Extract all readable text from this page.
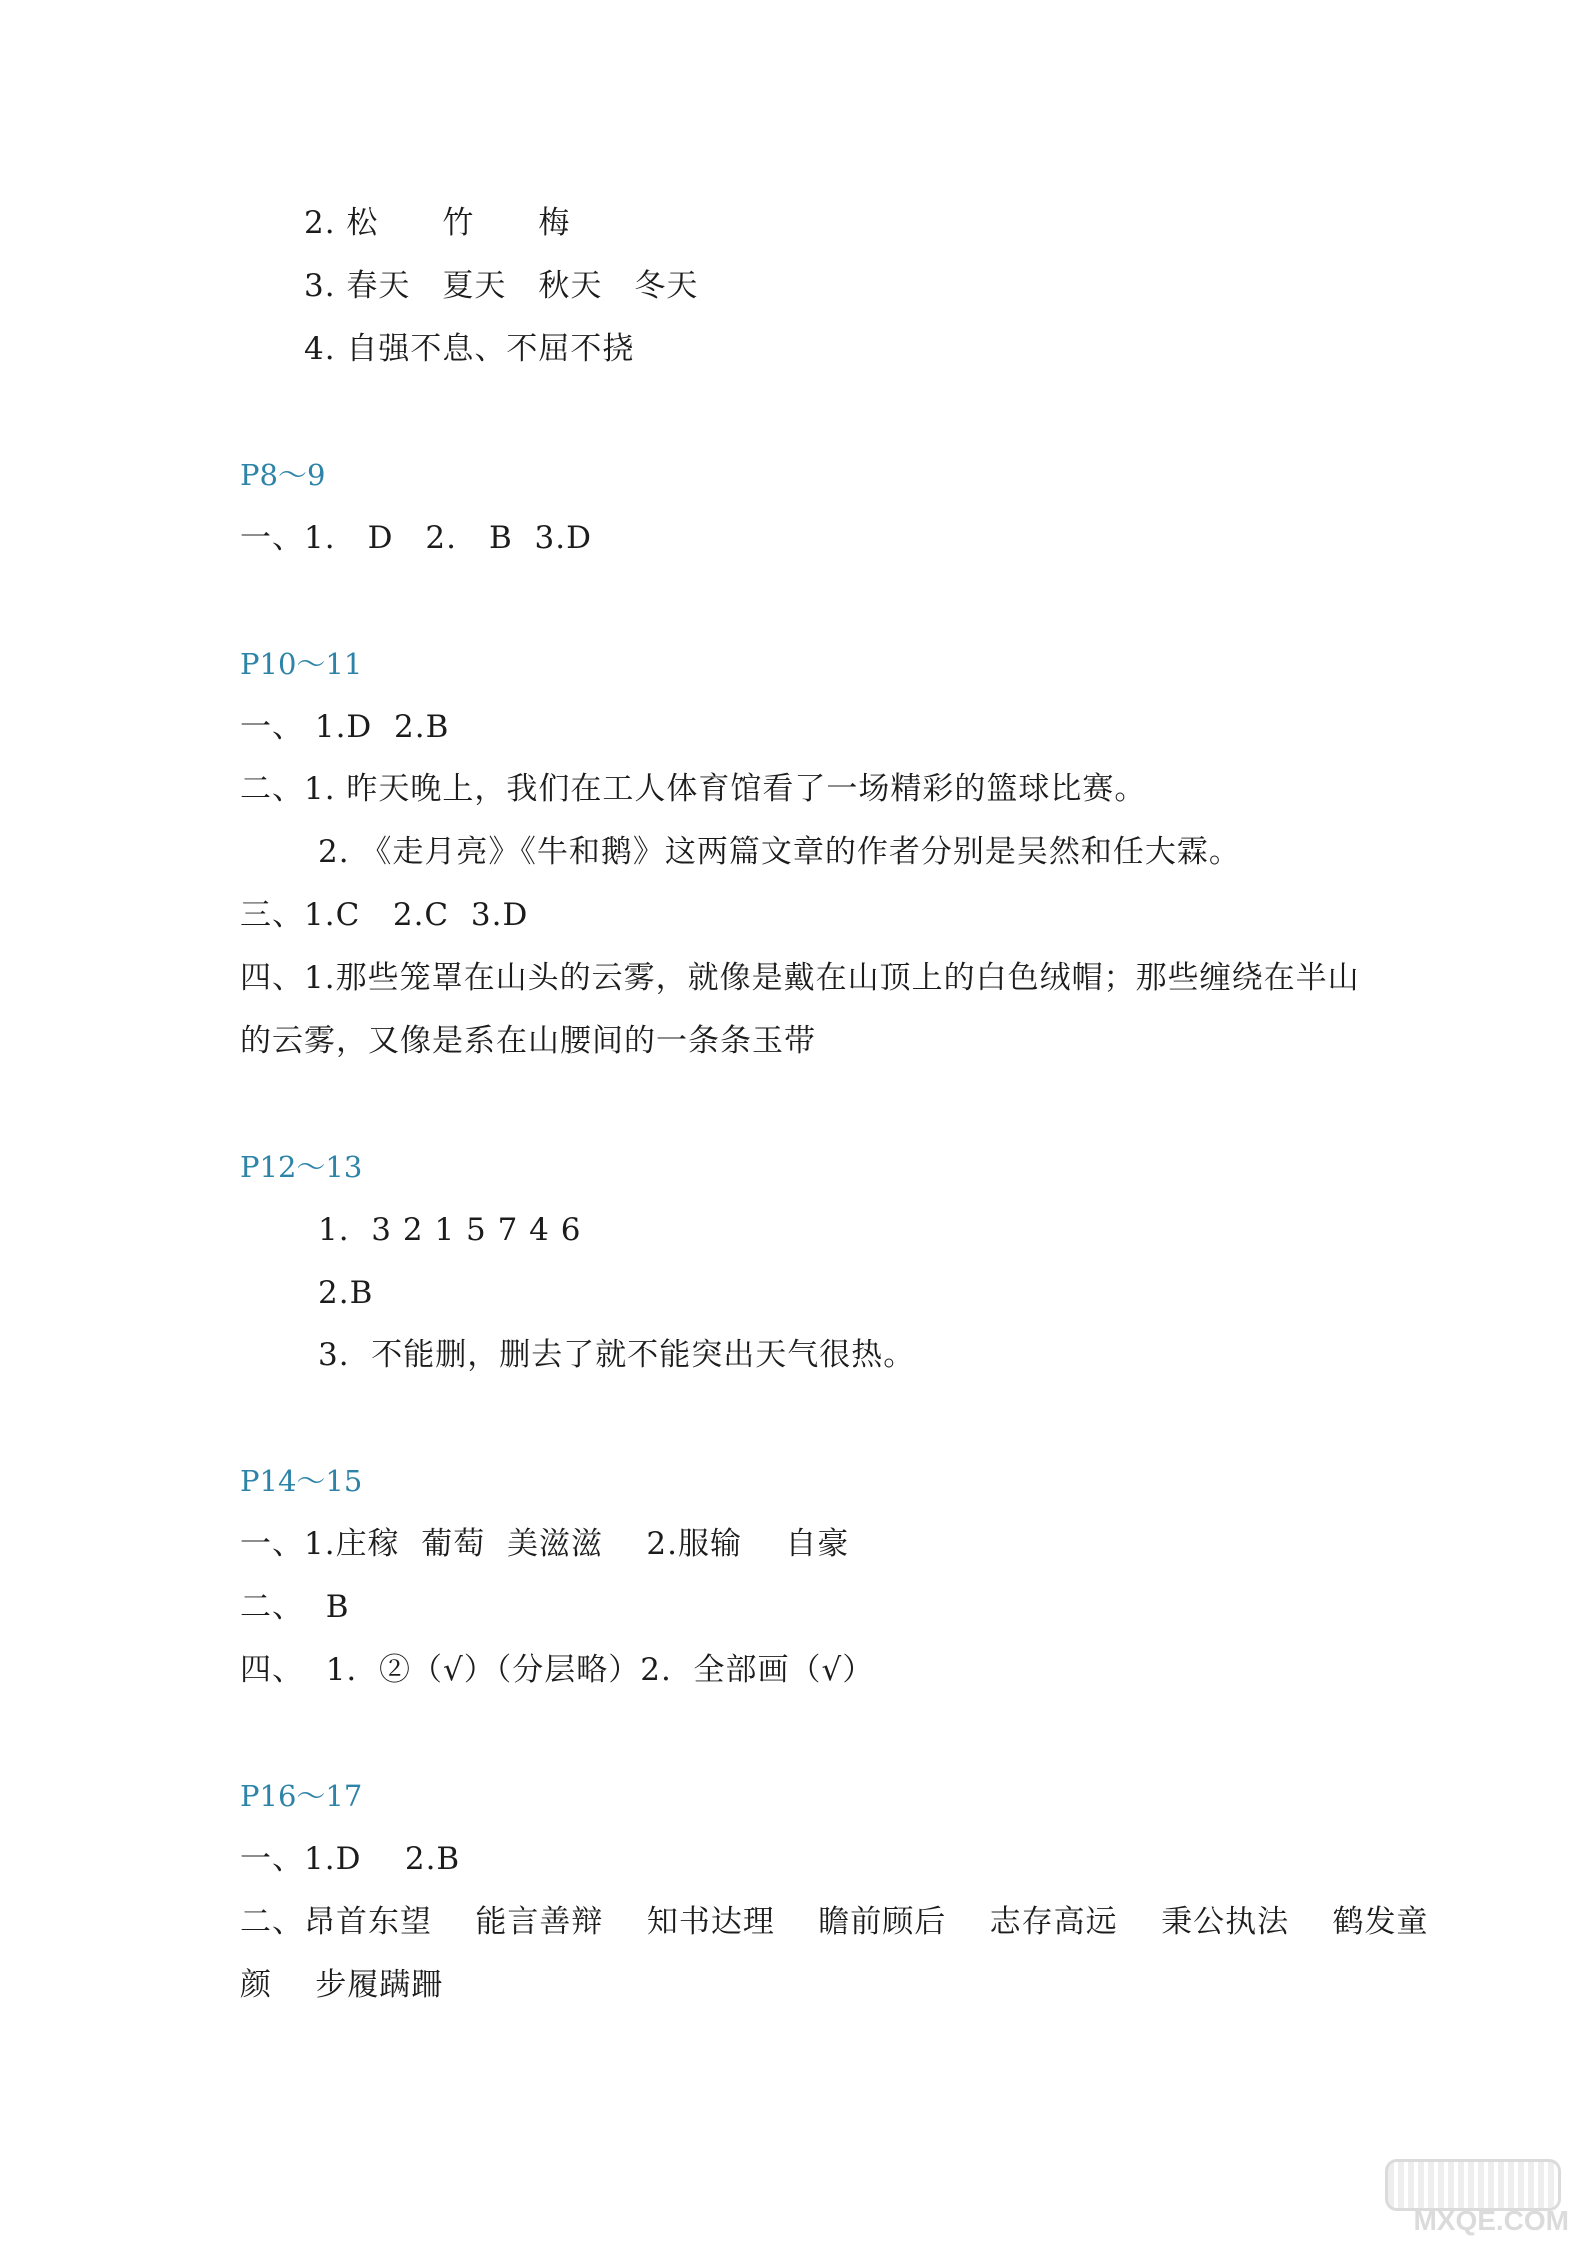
2. 松　　竹　　梅
3. 春天　夏天　秋天　冬天
4. 自强不息、不屈不挠
P8～9
一、1.　D　2.　B  3.D
P10～11
一、 1.D  2.B
二、1. 昨天晚上，我们在工人体育馆看了一场精彩的篮球比赛。
2. 《走月亮》《牛和鹅》这两篇文章的作者分别是吴然和任大霖。
三、1.C   2.C  3.D
四、1.那些笼罩在山头的云雾，就像是戴在山顶上的白色绒帽；那些缠绕在半山
的云雾，又像是系在山腰间的一条条玉带
P12～13
1.  3 2 1 5 7 4 6
2.B
3.  不能删，删去了就不能突出天气很热。
P14～15
一、1.庄稼  葡萄  美滋滋    2.服输    自豪
二、  B
四、  1.  ②（√）（分层略）2.  全部画（√）
P16～17
一、1.D    2.B
二、昂首东望    能言善辩    知书达理    瞻前顾后    志存高远    秉公执法    鹤发童
颜    步履蹒跚
MXQE.COM
